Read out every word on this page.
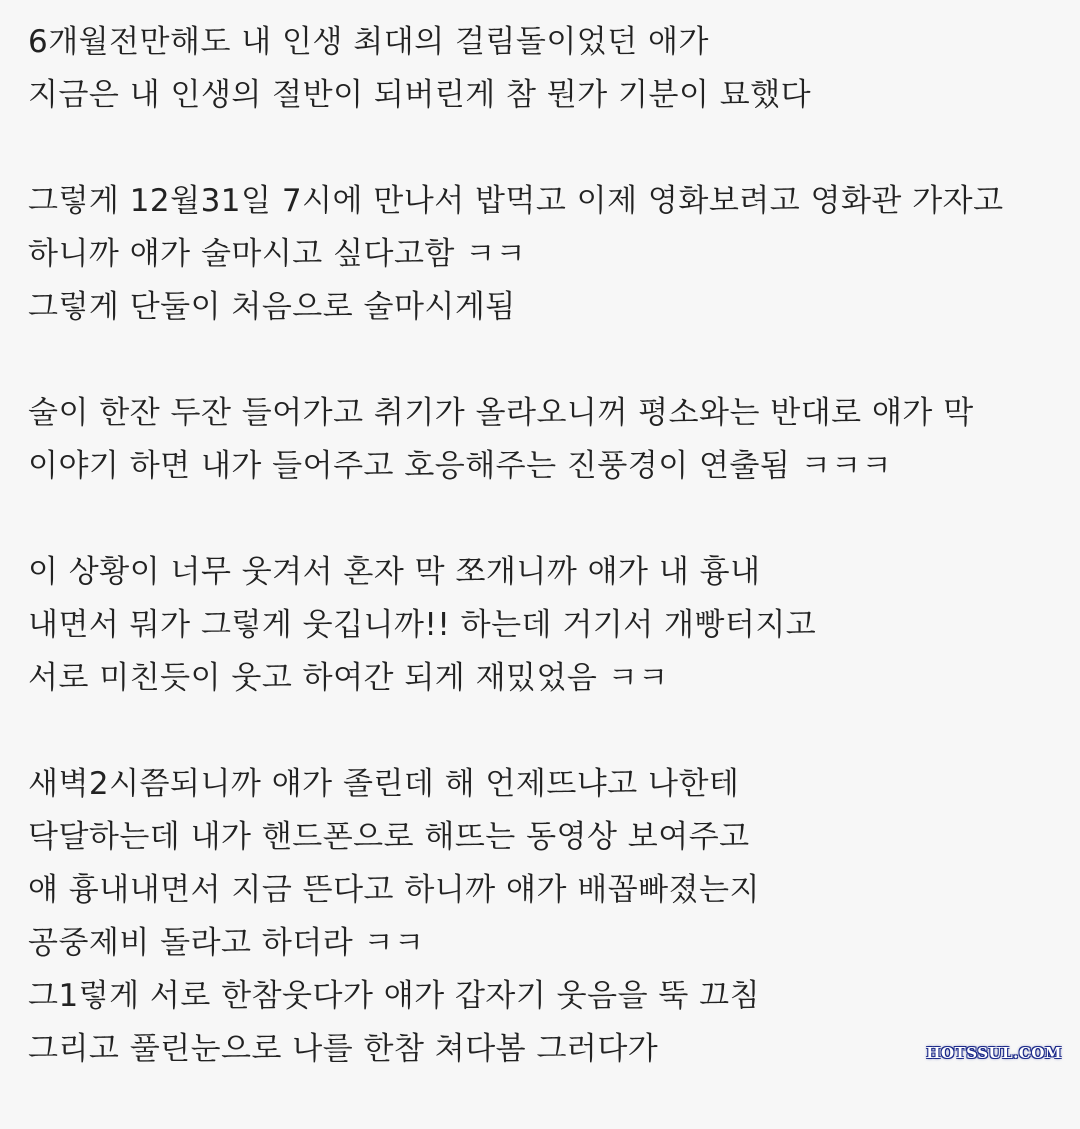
6개월전만해도 내 인생 최대의 걸림돌이었던 애가
지금은 내 인생의 절반이 되버린게 참 뭔가 기분이 묘했다
그렇게 12월31일 7시에 만나서 밥먹고 이제 영화보려고 영화관 가자고
하니까 얘가 술마시고 싶다고함 ㅋㅋ
그렇게 단둘이 처음으로 술마시게됨
술이 한잔 두잔 들어가고 취기가 올라오니꺼 평소와는 반대로 얘가 막
이야기 하면 내가 들어주고 호응해주는 진풍경이 연출됨 ㅋㅋㅋ
이 상황이 너무 웃겨서 혼자 막 쪼개니까 얘가 내 흉내
내면서 뭐가 그렇게 웃깁니까!! 하는데 거기서 개빵터지고
서로 미친듯이 웃고 하여간 되게 재밌었음 ㅋㅋ
새벽2시쯤되니까 얘가 졸린데 해 언제뜨냐고 나한테
닥달하는데 내가 핸드폰으로 해뜨는 동영상 보여주고
얘 흉내내면서 지금 뜬다고 하니까 얘가 배꼽빠졌는지
공중제비 돌라고 하더라 ㅋㅋ
그1렇게 서로 한참웃다가 얘가 갑자기 웃음을 뚝 끄침
그리고 풀린눈으로 나를 한참 쳐다봄 그러다가	HOTSSUL.COM
